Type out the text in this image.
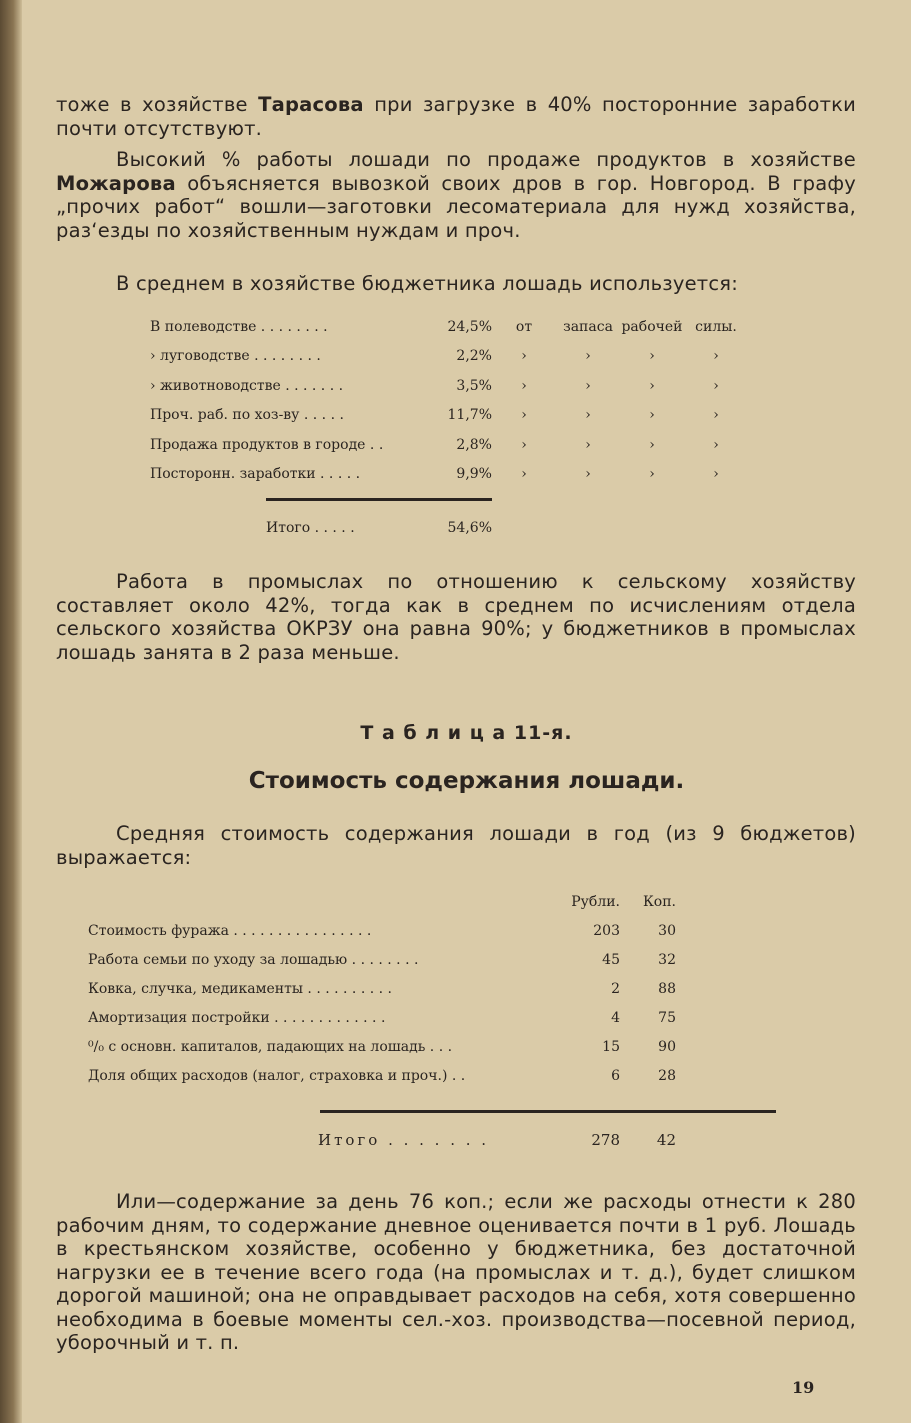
тоже в хозяйстве Тарасова при загрузке в 40% посторонние заработки почти отсутствуют.

Высокий % работы лошади по продаже продуктов в хозяйстве Можарова объясняется вывозкой своих дров в гор. Новгород. В графу „прочих работ“ вошли—заготовки лесоматериала для нужд хозяйства, раз‘езды по хозяйственным нуждам и проч.

В среднем в хозяйстве бюджетника лошадь используется:

В полеводстве . . . . . . . .	24,5%	от	запаса рабочей силы.
› луговодстве . . . . . . . .	2,2%	›	›	›	›
› животноводстве . . . . . . .	3,5%	›	›	›	›
Проч. раб. по хоз-ву . . . . .	11,7%	›	›	›	›
Продажа продуктов в городе . .	2,8%	›	›	›	›
Посторонн. заработки . . . . .	9,9%	›	›	›	›
Итого . . . . .	54,6%

Работа в промыслах по отношению к сельскому хозяйству составляет около 42%, тогда как в среднем по исчислениям отдела сельского хозяйства ОКРЗУ она равна 90%; у бюджетников в промыслах лошадь занята в 2 раза меньше.

Т а б л и ц а 11-я.
Стоимость содержания лошади.

Средняя стоимость содержания лошади в год (из 9 бюджетов) выражается:

Рубли.	Коп.
Стоимость фуража . . . . . . . . . . . . . . . .	203	30
Работа семьи по уходу за лошадью . . . . . . . .	45	32
Ковка, случка, медикаменты . . . . . . . . . .	2	88
Амортизация постройки . . . . . . . . . . . . .	4	75
⁰/₀ с основн. капиталов, падающих на лошадь . . .	15	90
Доля общих расходов (налог, страховка и проч.) . .	6	28
Итого . . . . . . .	278	42

Или—содержание за день 76 коп.; если же расходы отнести к 280 рабочим дням, то содержание дневное оценивается почти в 1 руб. Лошадь в крестьянском хозяйстве, особенно у бюджетника, без достаточной нагрузки ее в течение всего года (на промыслах и т. д.), будет слишком дорогой машиной; она не оправдывает расходов на себя, хотя совершенно необходима в боевые моменты сел.-хоз. производства—посевной период, уборочный и т. п.

19
